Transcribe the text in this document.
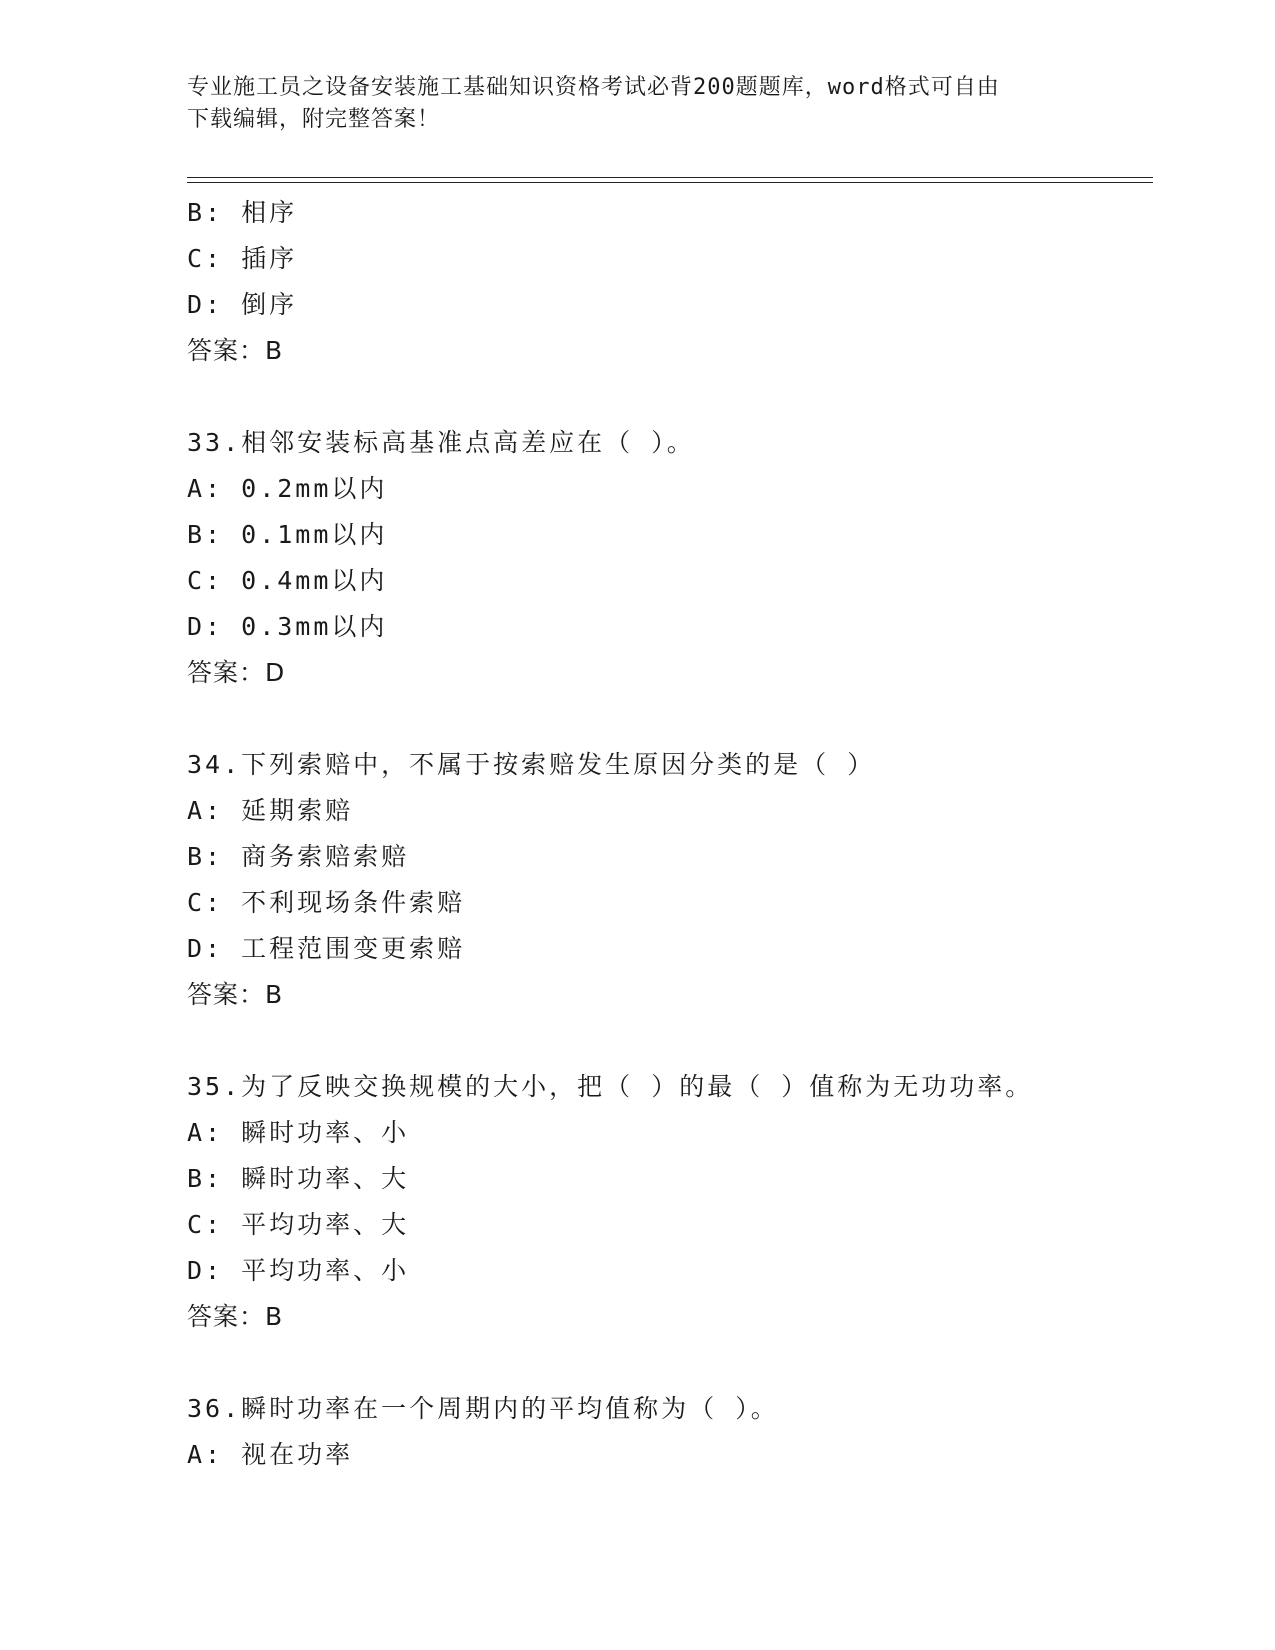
专业施工员之设备安装施工基础知识资格考试必背200题题库，word格式可自由
下载编辑，附完整答案！
B: 相序
C: 插序
D: 倒序
答案：B
33.相邻安装标高基准点高差应在（ ）。
A: 0.2mm以内
B: 0.1mm以内
C: 0.4mm以内
D: 0.3mm以内
答案：D
34.下列索赔中，不属于按索赔发生原因分类的是（ ）
A: 延期索赔
B: 商务索赔索赔
C: 不利现场条件索赔
D: 工程范围变更索赔
答案：B
35.为了反映交换规模的大小，把（ ）的最（ ）值称为无功功率。
A: 瞬时功率、小
B: 瞬时功率、大
C: 平均功率、大
D: 平均功率、小
答案：B
36.瞬时功率在一个周期内的平均值称为（ ）。
A: 视在功率
